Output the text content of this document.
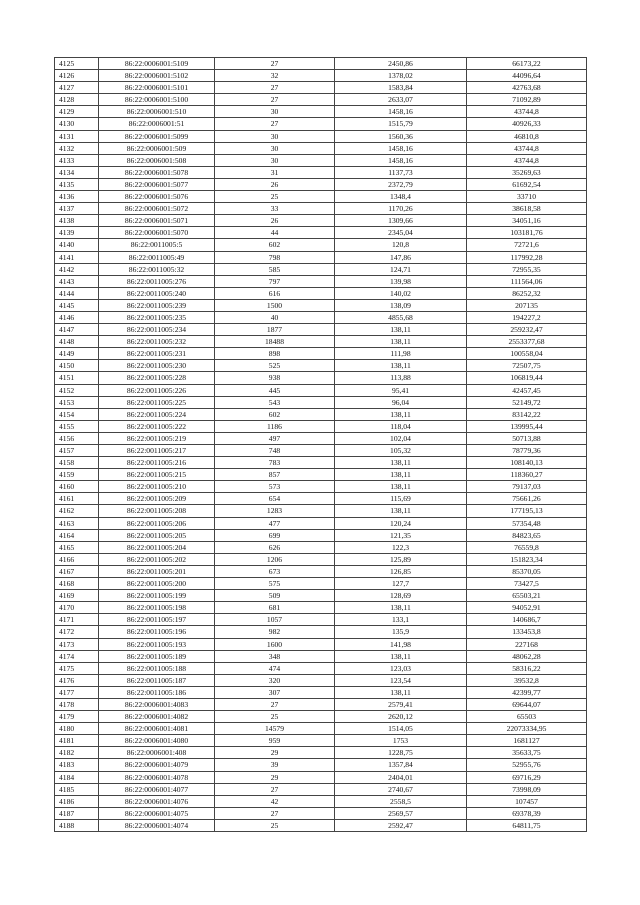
4125	86:22:0006001:5109	27	2450,86	66173,22
4126	86:22:0006001:5102	32	1378,02	44096,64
4127	86:22:0006001:5101	27	1583,84	42763,68
4128	86:22:0006001:5100	27	2633,07	71092,89
4129	86:22:0006001:510	30	1458,16	43744,8
4130	86:22:0006001:51	27	1515,79	40926,33
4131	86:22:0006001:5099	30	1560,36	46810,8
4132	86:22:0006001:509	30	1458,16	43744,8
4133	86:22:0006001:508	30	1458,16	43744,8
4134	86:22:0006001:5078	31	1137,73	35269,63
4135	86:22:0006001:5077	26	2372,79	61692,54
4136	86:22:0006001:5076	25	1348,4	33710
4137	86:22:0006001:5072	33	1170,26	38618,58
4138	86:22:0006001:5071	26	1309,66	34051,16
4139	86:22:0006001:5070	44	2345,04	103181,76
4140	86:22:0011005:5	602	120,8	72721,6
4141	86:22:0011005:49	798	147,86	117992,28
4142	86:22:0011005:32	585	124,71	72955,35
4143	86:22:0011005:276	797	139,98	111564,06
4144	86:22:0011005:240	616	140,02	86252,32
4145	86:22:0011005:239	1500	138,09	207135
4146	86:22:0011005:235	40	4855,68	194227,2
4147	86:22:0011005:234	1877	138,11	259232,47
4148	86:22:0011005:232	18488	138,11	2553377,68
4149	86:22:0011005:231	898	111,98	100558,04
4150	86:22:0011005:230	525	138,11	72507,75
4151	86:22:0011005:228	938	113,88	106819,44
4152	86:22:0011005:226	445	95,41	42457,45
4153	86:22:0011005:225	543	96,04	52149,72
4154	86:22:0011005:224	602	138,11	83142,22
4155	86:22:0011005:222	1186	118,04	139995,44
4156	86:22:0011005:219	497	102,04	50713,88
4157	86:22:0011005:217	748	105,32	78779,36
4158	86:22:0011005:216	783	138,11	108140,13
4159	86:22:0011005:215	857	138,11	118360,27
4160	86:22:0011005:210	573	138,11	79137,03
4161	86:22:0011005:209	654	115,69	75661,26
4162	86:22:0011005:208	1283	138,11	177195,13
4163	86:22:0011005:206	477	120,24	57354,48
4164	86:22:0011005:205	699	121,35	84823,65
4165	86:22:0011005:204	626	122,3	76559,8
4166	86:22:0011005:202	1206	125,89	151823,34
4167	86:22:0011005:201	673	126,85	85370,05
4168	86:22:0011005:200	575	127,7	73427,5
4169	86:22:0011005:199	509	128,69	65503,21
4170	86:22:0011005:198	681	138,11	94052,91
4171	86:22:0011005:197	1057	133,1	140686,7
4172	86:22:0011005:196	982	135,9	133453,8
4173	86:22:0011005:193	1600	141,98	227168
4174	86:22:0011005:189	348	138,11	48062,28
4175	86:22:0011005:188	474	123,03	58316,22
4176	86:22:0011005:187	320	123,54	39532,8
4177	86:22:0011005:186	307	138,11	42399,77
4178	86:22:0006001:4083	27	2579,41	69644,07
4179	86:22:0006001:4082	25	2620,12	65503
4180	86:22:0006001:4081	14579	1514,05	22073334,95
4181	86:22:0006001:4080	959	1753	1681127
4182	86:22:0006001:408	29	1228,75	35633,75
4183	86:22:0006001:4079	39	1357,84	52955,76
4184	86:22:0006001:4078	29	2404,01	69716,29
4185	86:22:0006001:4077	27	2740,67	73998,09
4186	86:22:0006001:4076	42	2558,5	107457
4187	86:22:0006001:4075	27	2569,57	69378,39
4188	86:22:0006001:4074	25	2592,47	64811,75
